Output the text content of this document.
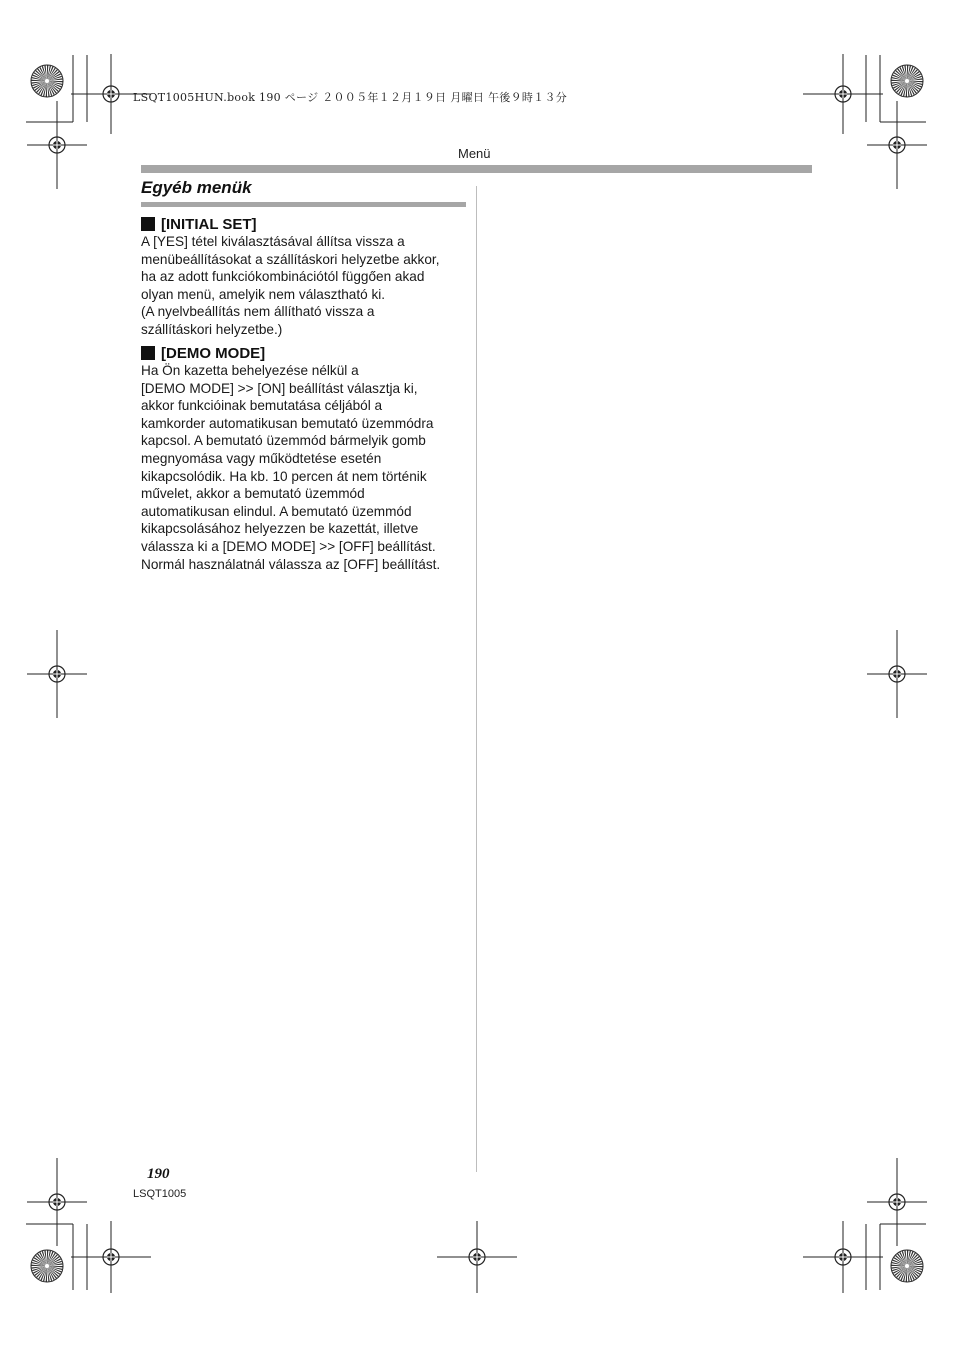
LSQT1005HUN.book 190 ページ ２００５年１２月１９日 月曜日 午後９時１３分
Menü
Egyéb menük
[INITIAL SET]
A [YES] tétel kiválasztásával állítsa vissza a
menübeállításokat a szállításkori helyzetbe akkor,
ha az adott funkciókombinációtól függően akad
olyan menü, amelyik nem választható ki.
(A nyelvbeállítás nem állítható vissza a
szállításkori helyzetbe.)
[DEMO MODE]
Ha Ön kazetta behelyezése nélkül a
[DEMO MODE] >> [ON] beállítást választja ki,
akkor funkcióinak bemutatása céljából a
kamkorder automatikusan bemutató üzemmódra
kapcsol. A bemutató üzemmód bármelyik gomb
megnyomása vagy működtetése esetén
kikapcsolódik. Ha kb. 10 percen át nem történik
művelet, akkor a bemutató üzemmód
automatikusan elindul. A bemutató üzemmód
kikapcsolásához helyezzen be kazettát, illetve
válassza ki a [DEMO MODE] >> [OFF] beállítást.
Normál használatnál válassza az [OFF] beállítást.
190
LSQT1005
